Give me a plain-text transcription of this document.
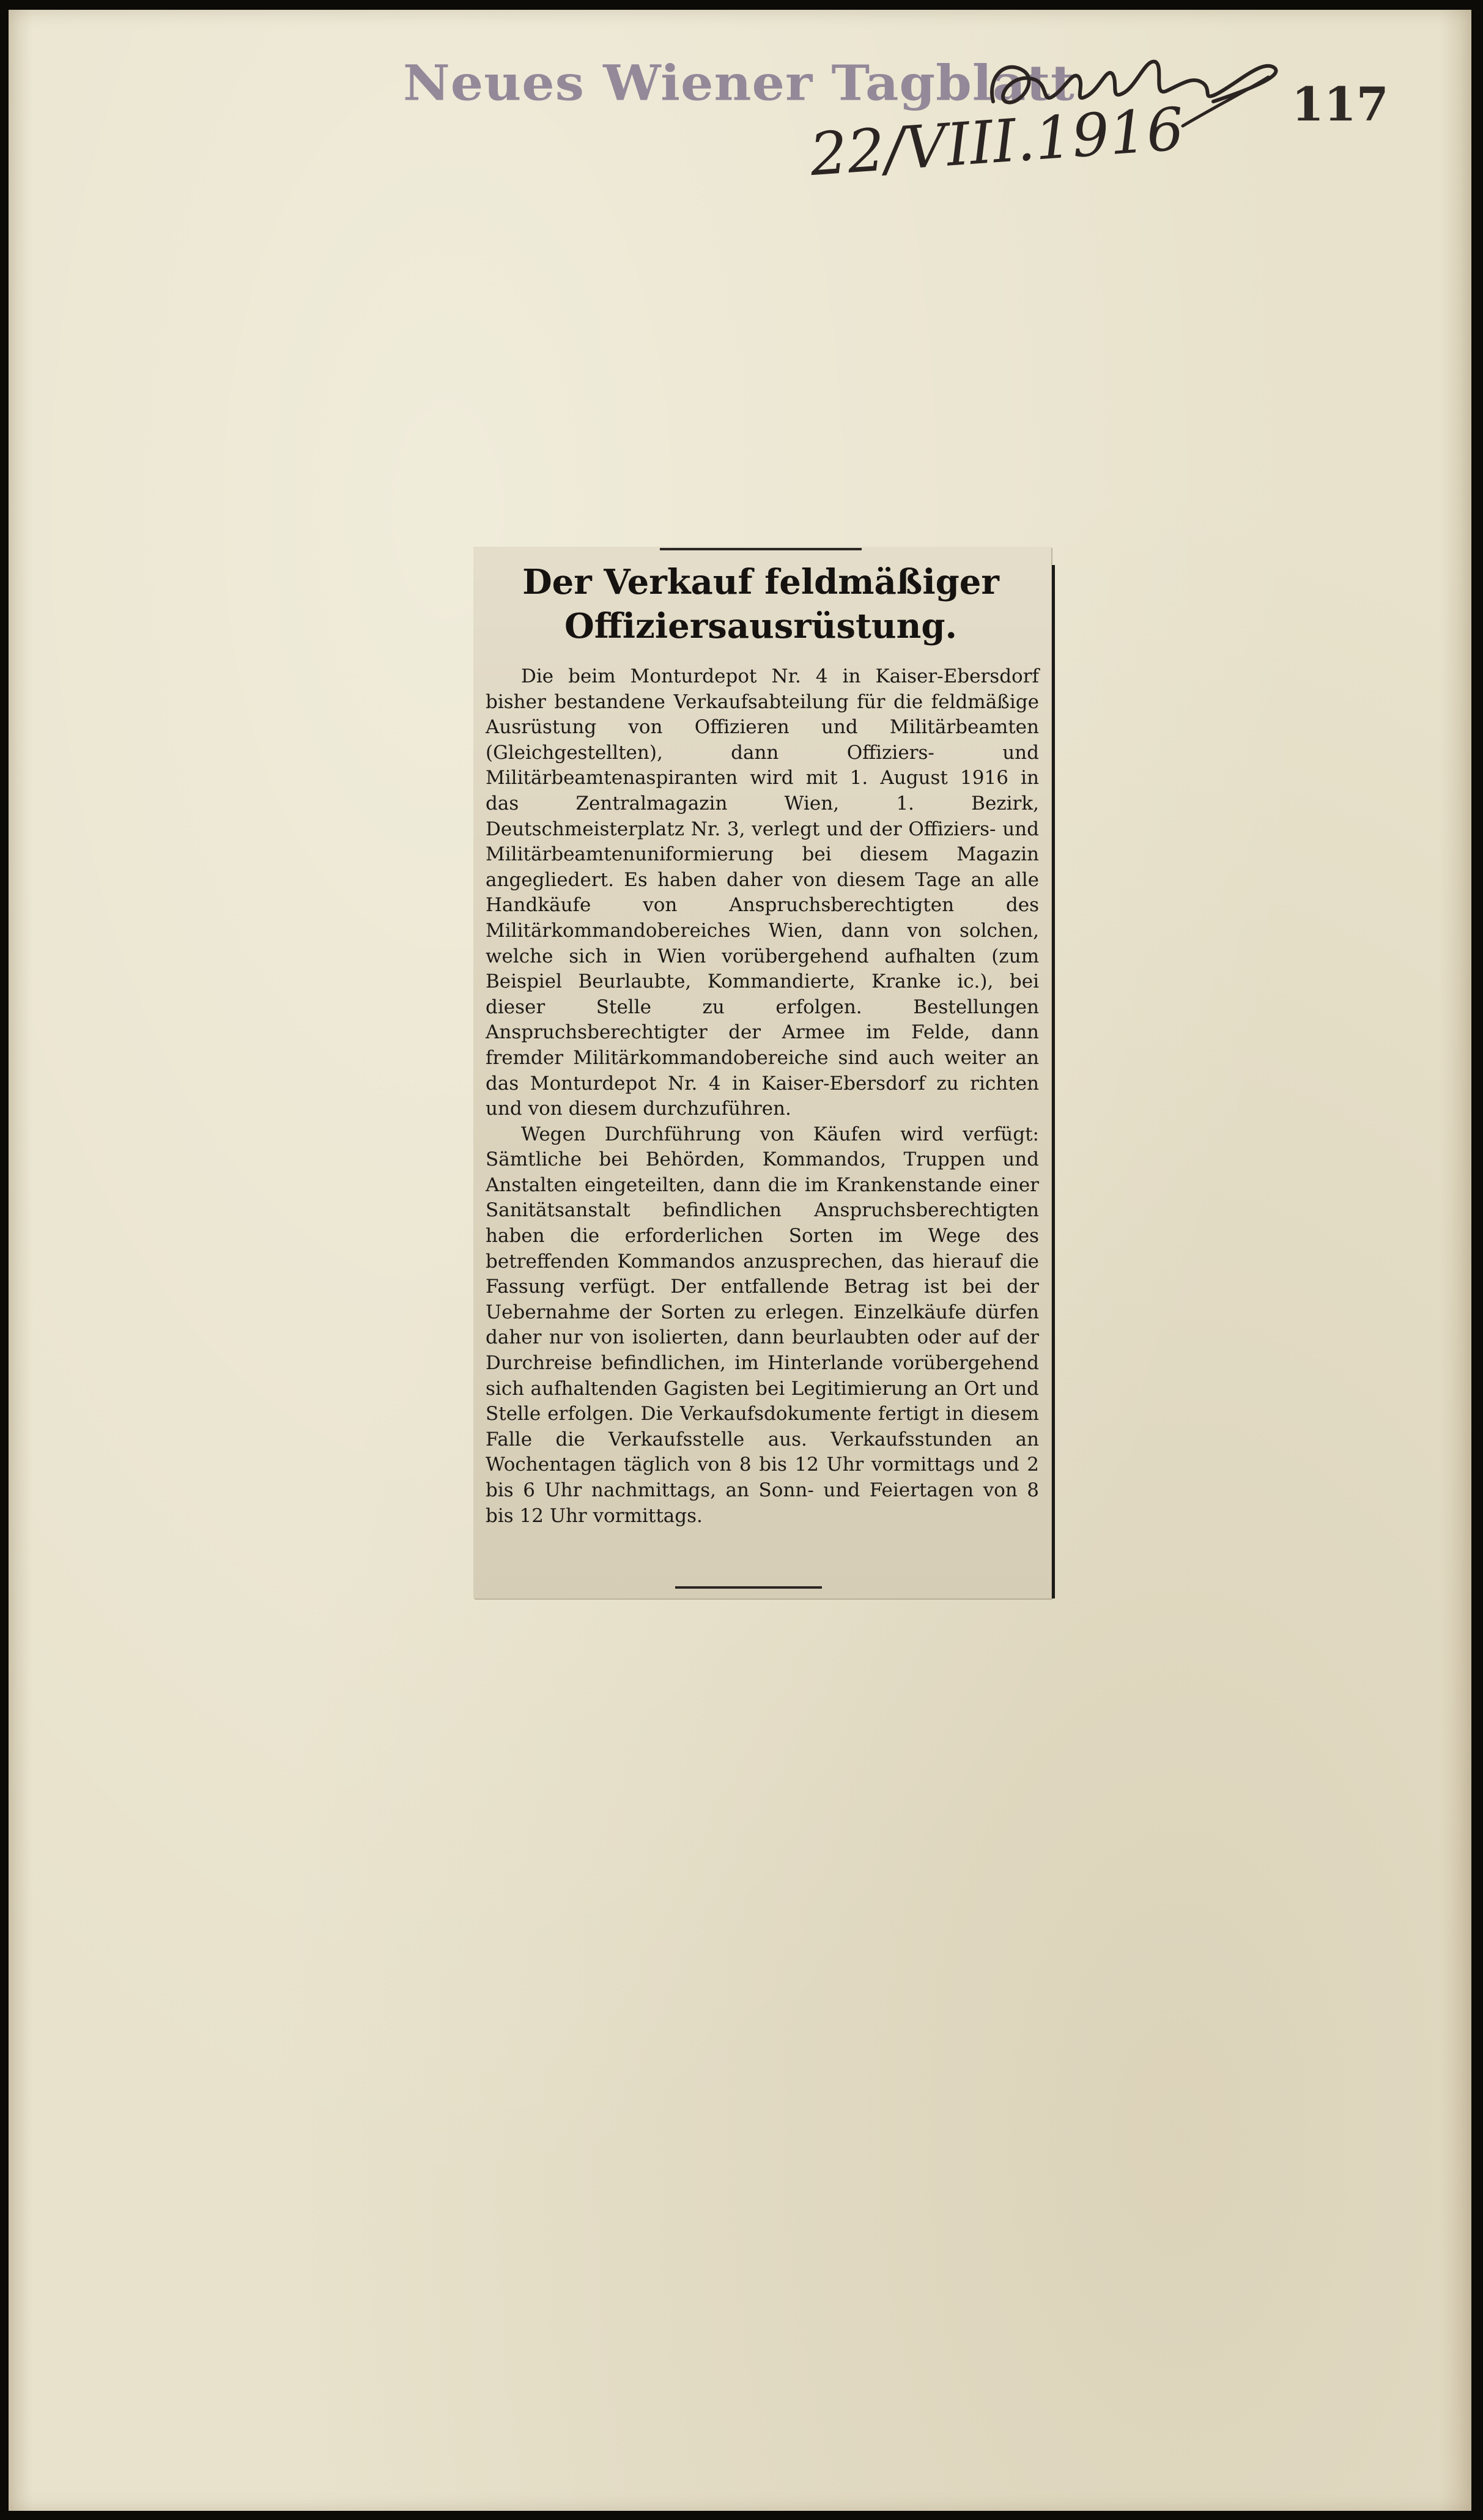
Neues Wiener Tagblatt
22/VIII.1916 117
Der Verkauf feldmäßiger Offiziersausrüstung.

Die beim Monturdepot Nr. 4 in Kaiser-Ebersdorf bisher bestandene Verkaufsabteilung für die feldmäßige Ausrüstung von Offizieren und Militärbeamten (Gleichgestellten), dann Offiziers- und Militärbeamtenaspiranten wird mit 1. August 1916 in das Zentralmagazin Wien, 1. Bezirk, Deutschmeisterplatz Nr. 3, verlegt und der Offiziers- und Militärbeamtenuniformierung bei diesem Magazin angegliedert. Es haben daher von diesem Tage an alle Handkäufe von Anspruchsberechtigten des Militärkommandobereiches Wien, dann von solchen, welche sich in Wien vorübergehend aufhalten (zum Beispiel Beurlaubte, Kommandierte, Kranke ic.), bei dieser Stelle zu erfolgen. Bestellungen Anspruchsberechtigter der Armee im Felde, dann fremder Militärkommandobereiche sind auch weiter an das Monturdepot Nr. 4 in Kaiser-Ebersdorf zu richten und von diesem durchzuführen.

Wegen Durchführung von Käufen wird verfügt: Sämtliche bei Behörden, Kommandos, Truppen und Anstalten eingeteilten, dann die im Krankenstande einer Sanitätsanstalt befindlichen Anspruchsberechtigten haben die erforderlichen Sorten im Wege des betreffenden Kommandos anzusprechen, das hierauf die Fassung verfügt. Der entfallende Betrag ist bei der Uebernahme der Sorten zu erlegen. Einzelkäufe dürfen daher nur von isolierten, dann beurlaubten oder auf der Durchreise befindlichen, im Hinterlande vorübergehend sich aufhaltenden Gagisten bei Legitimierung an Ort und Stelle erfolgen. Die Verkaufsdokumente fertigt in diesem Falle die Verkaufsstelle aus. Verkaufsstunden an Wochentagen täglich von 8 bis 12 Uhr vormittags und 2 bis 6 Uhr nachmittags, an Sonn- und Feiertagen von 8 bis 12 Uhr vormittags.
